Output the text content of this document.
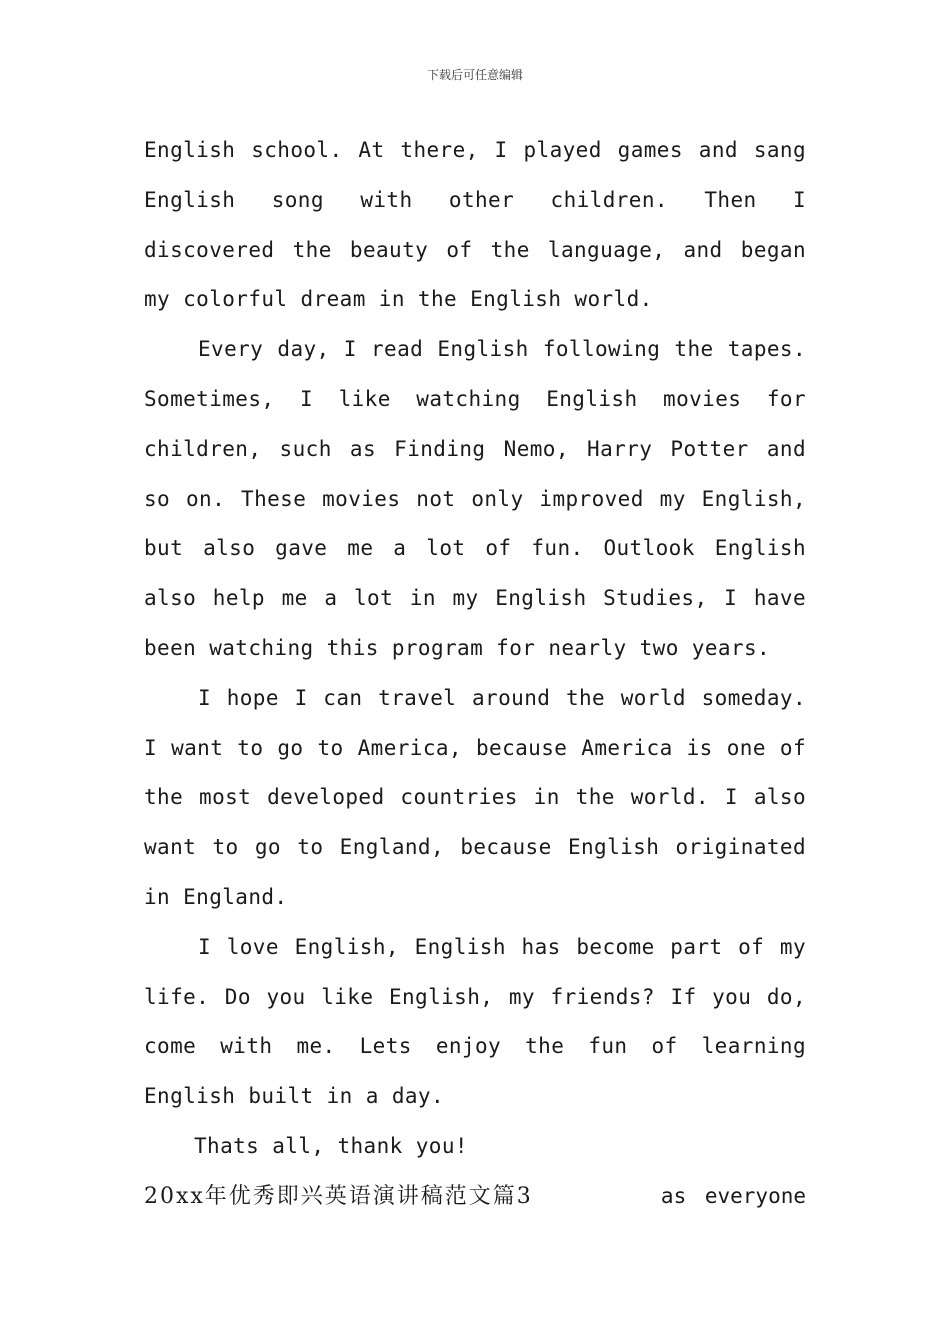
下载后可任意编辑

English school. At there, I played games and sang English song with other children. Then I discovered the beauty of the language, and began my colorful dream in the English world.

Every day, I read English following the tapes. Sometimes, I like watching English movies for children, such as Finding Nemo, Harry Potter and so on. These movies not only improved my English, but also gave me a lot of fun. Outlook English also help me a lot in my English Studies, I have been watching this program for nearly two years.

I hope I can travel around the world someday. I want to go to America, because America is one of the most developed countries in the world. I also want to go to England, because English originated in England.

I love English, English has become part of my life. Do you like English, my friends? If you do, come with me. Lets enjoy the fun of learning English built in a day.

Thats all, thank you!

20xx年优秀即兴英语演讲稿范文篇3	as everyone
